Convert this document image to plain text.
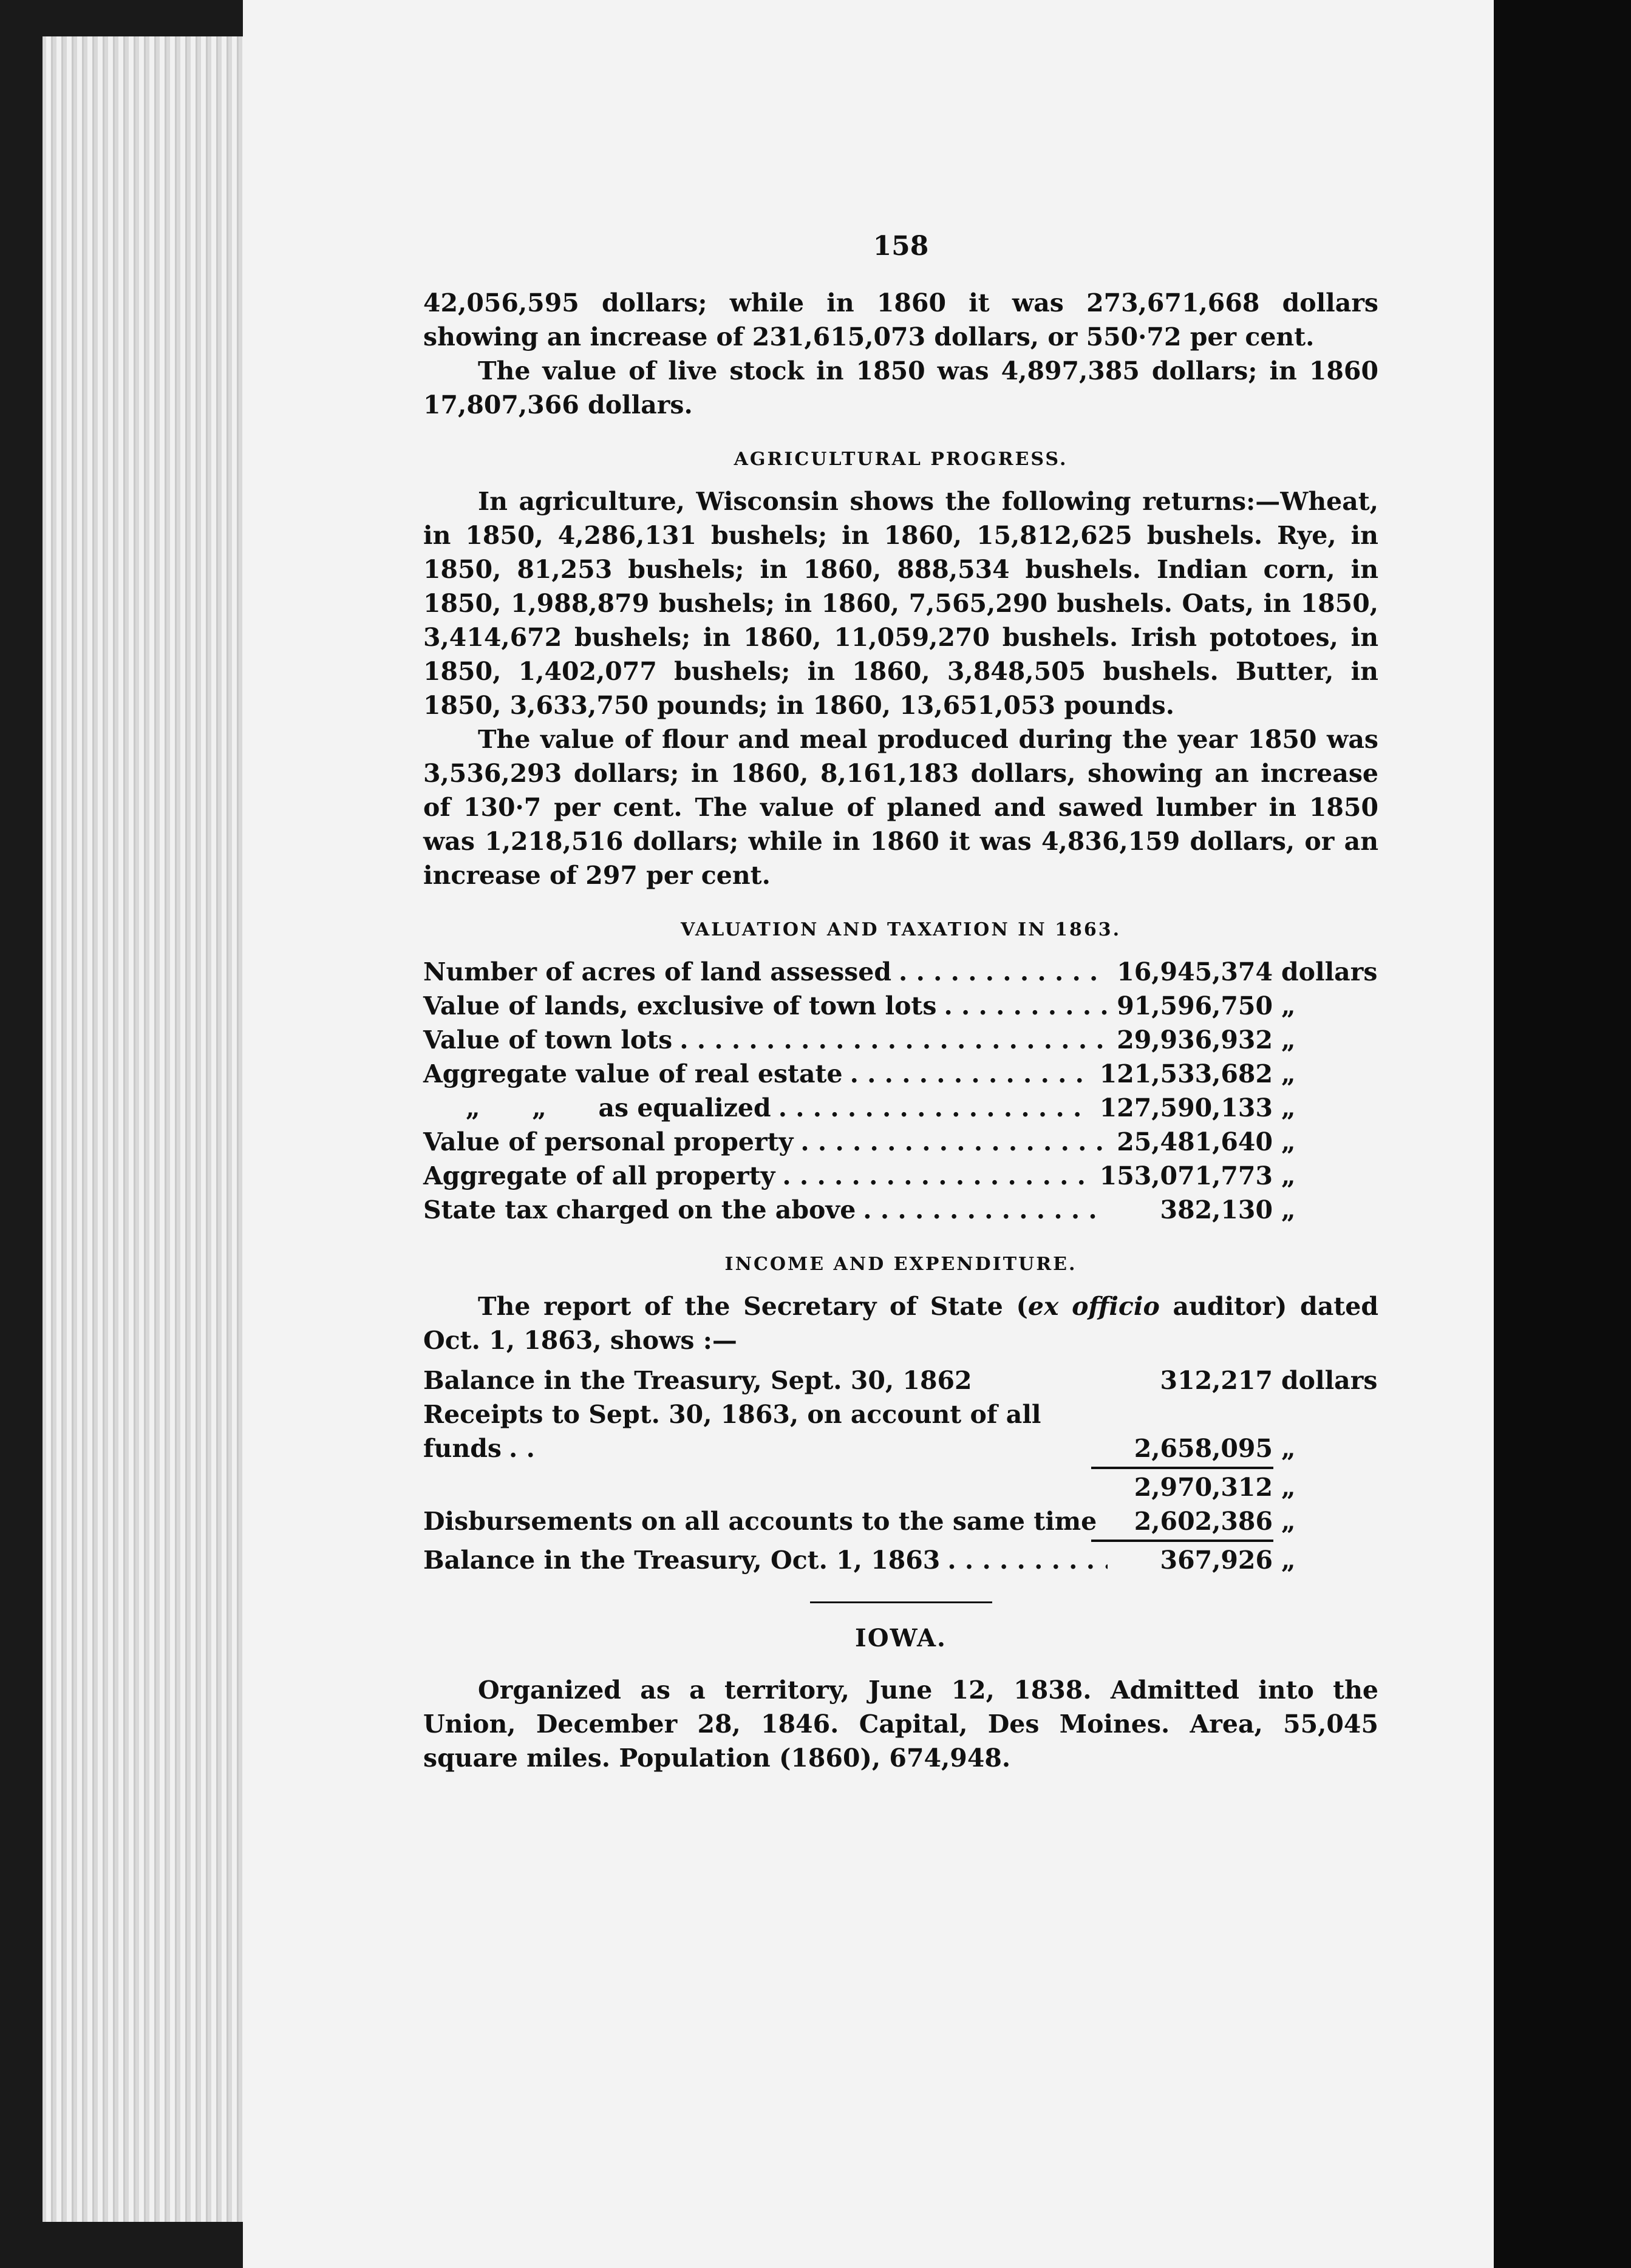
158

42,056,595 dollars; while in 1860 it was 273,671,668 dollars showing an increase of 231,615,073 dollars, or 550·72 per cent.

The value of live stock in 1850 was 4,897,385 dollars; in 1860 17,807,366 dollars.

AGRICULTURAL PROGRESS.

In agriculture, Wisconsin shows the following returns:—Wheat, in 1850, 4,286,131 bushels; in 1860, 15,812,625 bushels. Rye, in 1850, 81,253 bushels; in 1860, 888,534 bushels. Indian corn, in 1850, 1,988,879 bushels; in 1860, 7,565,290 bushels. Oats, in 1850, 3,414,672 bushels; in 1860, 11,059,270 bushels. Irish pototoes, in 1850, 1,402,077 bushels; in 1860, 3,848,505 bushels. Butter, in 1850, 3,633,750 pounds; in 1860, 13,651,053 pounds.

The value of flour and meal produced during the year 1850 was 3,536,293 dollars; in 1860, 8,161,183 dollars, showing an increase of 130·7 per cent. The value of planed and sawed lumber in 1850 was 1,218,516 dollars; while in 1860 it was 4,836,159 dollars, or an increase of 297 per cent.

VALUATION AND TAXATION IN 1863.
Number of acres of land assessed . . .	16,945,374 dollars
Value of lands, exclusive of town lots . . .	91,596,750 „
Value of town lots . . .	29,936,932 „
Aggregate value of real estate . . .	121,533,682 „
„      „      as equalized . . .	127,590,133 „
Value of personal property . . .	25,481,640 „
Aggregate of all property . . .	153,071,773 „
State tax charged on the above . . .	382,130 „
INCOME AND EXPENDITURE.

The report of the Secretary of State (ex officio auditor) dated Oct. 1, 1863, shows :—

Balance in the Treasury, Sept. 30, 1862	312,217 dollars
Receipts to Sept. 30, 1863, on account of all
funds . . .	2,658,095 „
2,970,312 „
Disbursements on all accounts to the same time	2,602,386 „
Balance in the Treasury, Oct. 1, 1863 . . .	367,926 „
IOWA.

Organized as a territory, June 12, 1838. Admitted into the Union, December 28, 1846. Capital, Des Moines. Area, 55,045 square miles. Population (1860), 674,948.
